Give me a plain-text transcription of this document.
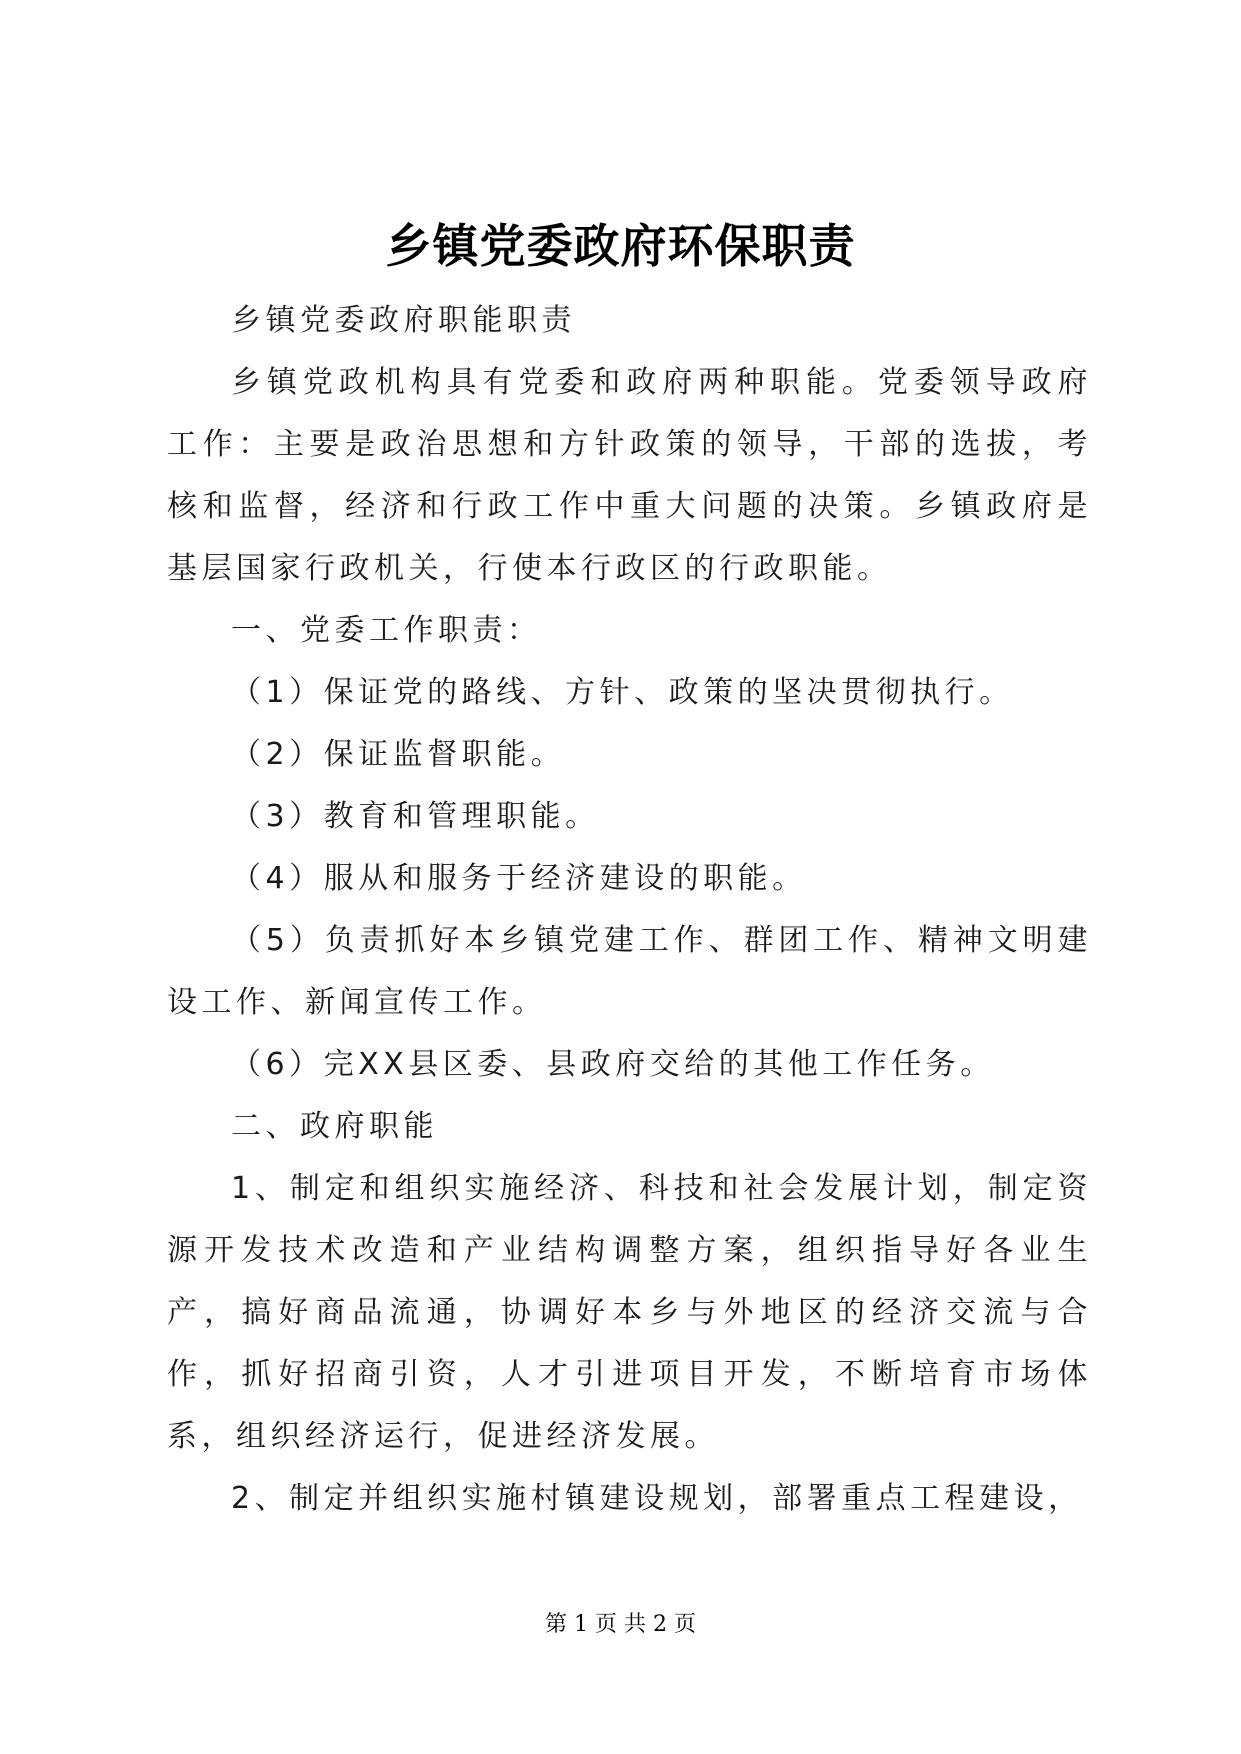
乡镇党委政府环保职责

乡镇党委政府职能职责

乡镇党政机构具有党委和政府两种职能。党委领导政府工作：主要是政治思想和方针政策的领导，干部的选拔，考核和监督，经济和行政工作中重大问题的决策。乡镇政府是基层国家行政机关，行使本行政区的行政职能。

一、党委工作职责：

（1）保证党的路线、方针、政策的坚决贯彻执行。

（2）保证监督职能。

（3）教育和管理职能。

（4）服从和服务于经济建设的职能。

（5）负责抓好本乡镇党建工作、群团工作、精神文明建设工作、新闻宣传工作。

（6）完XX县区委、县政府交给的其他工作任务。

二、政府职能

1、制定和组织实施经济、科技和社会发展计划，制定资源开发技术改造和产业结构调整方案，组织指导好各业生产，搞好商品流通，协调好本乡与外地区的经济交流与合作，抓好招商引资，人才引进项目开发，不断培育市场体系，组织经济运行，促进经济发展。

2、制定并组织实施村镇建设规划，部署重点工程建设，

第 1 页 共 2 页
